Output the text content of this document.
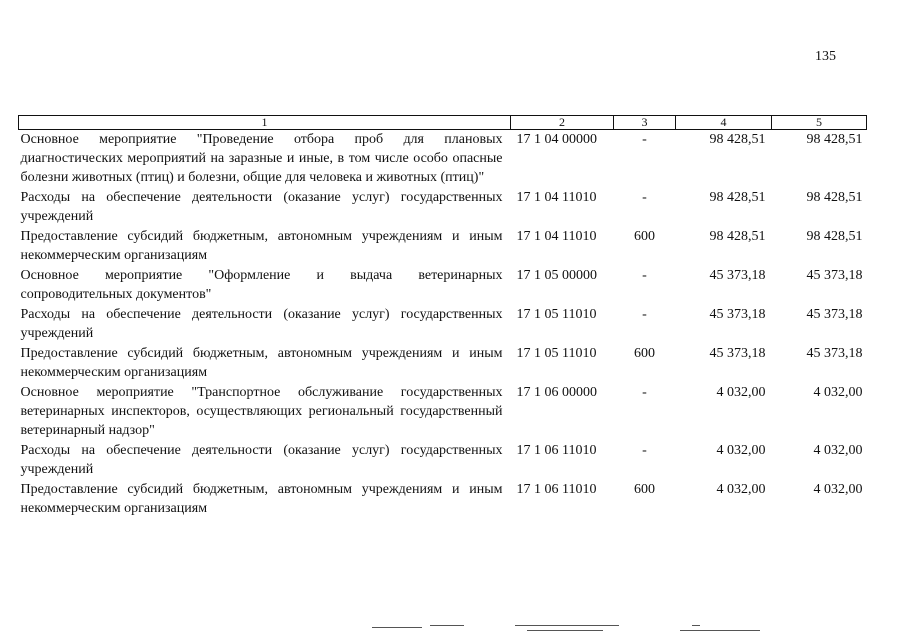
135
1	2	3	4	5
Основное мероприятие "Проведение отбора проб для плановых диагностических мероприятий на заразные и иные, в том числе особо опасные болезни животных (птиц) и болезни, общие для человека и животных (птиц)"	17 1 04 00000	-	98 428,51	98 428,51
Расходы на обеспечение деятельности (оказание услуг) государственных учреждений	17 1 04 11010	-	98 428,51	98 428,51
Предоставление субсидий бюджетным, автономным учреждениям и иным некоммерческим организациям	17 1 04 11010	600	98 428,51	98 428,51
Основное мероприятие "Оформление и выдача ветеринарных сопроводительных документов"	17 1 05 00000	-	45 373,18	45 373,18
Расходы на обеспечение деятельности (оказание услуг) государственных учреждений	17 1 05 11010	-	45 373,18	45 373,18
Предоставление субсидий бюджетным, автономным учреждениям и иным некоммерческим организациям	17 1 05 11010	600	45 373,18	45 373,18
Основное мероприятие "Транспортное обслуживание государственных ветеринарных инспекторов, осуществляющих региональный государственный ветеринарный надзор"	17 1 06 00000	-	4 032,00	4 032,00
Расходы на обеспечение деятельности (оказание услуг) государственных учреждений	17 1 06 11010	-	4 032,00	4 032,00
Предоставление субсидий бюджетным, автономным учреждениям и иным некоммерческим организациям	17 1 06 11010	600	4 032,00	4 032,00
